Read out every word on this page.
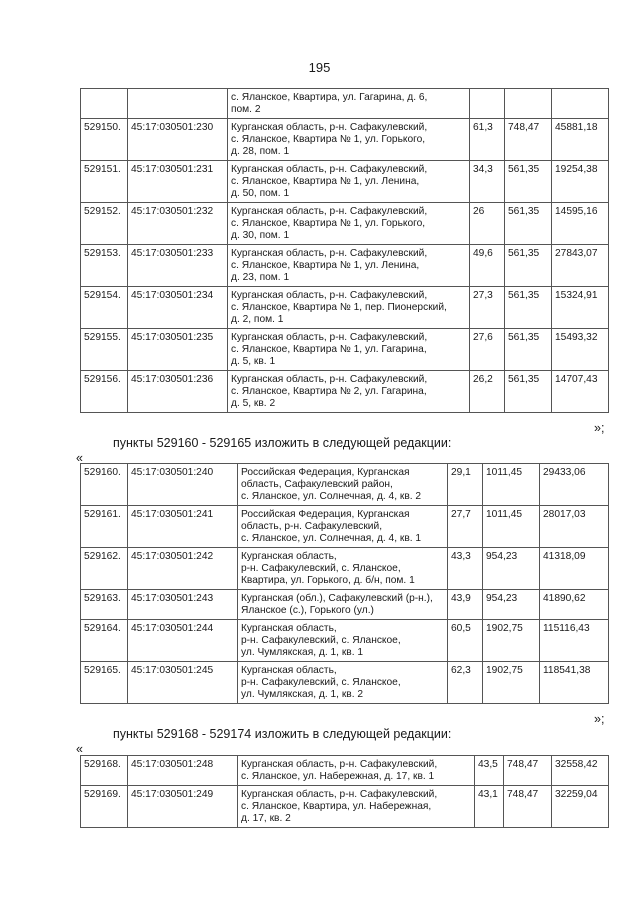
195
		с. Яланское, Квартира, ул. Гагарина, д. 6,
пом. 2			
529150.	45:17:030501:230	Курганская область, р-н. Сафакулевский,
с. Яланское, Квартира № 1, ул. Горького,
д. 28, пом. 1	61,3	748,47	45881,18
529151.	45:17:030501:231	Курганская область, р-н. Сафакулевский,
с. Яланское, Квартира № 1, ул. Ленина,
д. 50, пом. 1	34,3	561,35	19254,38
529152.	45:17:030501:232	Курганская область, р-н. Сафакулевский,
с. Яланское, Квартира № 1, ул. Горького,
д. 30, пом. 1	26	561,35	14595,16
529153.	45:17:030501:233	Курганская область, р-н. Сафакулевский,
с. Яланское, Квартира № 1, ул. Ленина,
д. 23, пом. 1	49,6	561,35	27843,07
529154.	45:17:030501:234	Курганская область, р-н. Сафакулевский,
с. Яланское, Квартира № 1, пер. Пионерский,
д. 2, пом. 1	27,3	561,35	15324,91
529155.	45:17:030501:235	Курганская область, р-н. Сафакулевский,
с. Яланское, Квартира № 1, ул. Гагарина,
д. 5, кв. 1	27,6	561,35	15493,32
529156.	45:17:030501:236	Курганская область, р-н. Сафакулевский,
с. Яланское, Квартира № 2, ул. Гагарина,
д. 5, кв. 2	26,2	561,35	14707,43
»;
пункты 529160 - 529165 изложить в следующей редакции:
«
529160.	45:17:030501:240	Российская Федерация, Курганская
область, Сафакулевский район,
с. Яланское, ул. Солнечная, д. 4, кв. 2	29,1	1011,45	29433,06
529161.	45:17:030501:241	Российская Федерация, Курганская
область, р-н. Сафакулевский,
с. Яланское, ул. Солнечная, д. 4, кв. 1	27,7	1011,45	28017,03
529162.	45:17:030501:242	Курганская область,
р-н. Сафакулевский, с. Яланское,
Квартира, ул. Горького, д. б/н, пом. 1	43,3	954,23	41318,09
529163.	45:17:030501:243	Курганская (обл.), Сафакулевский (р-н.),
Яланское (с.), Горького (ул.)	43,9	954,23	41890,62
529164.	45:17:030501:244	Курганская область,
р-н. Сафакулевский, с. Яланское,
ул. Чумлякская, д. 1, кв. 1	60,5	1902,75	115116,43
529165.	45:17:030501:245	Курганская область,
р-н. Сафакулевский, с. Яланское,
ул. Чумлякская, д. 1, кв. 2	62,3	1902,75	118541,38
»;
пункты 529168 - 529174 изложить в следующей редакции:
«
529168.	45:17:030501:248	Курганская область, р-н. Сафакулевский,
с. Яланское, ул. Набережная, д. 17, кв. 1	43,5	748,47	32558,42
529169.	45:17:030501:249	Курганская область, р-н. Сафакулевский,
с. Яланское, Квартира, ул. Набережная,
д. 17, кв. 2	43,1	748,47	32259,04
